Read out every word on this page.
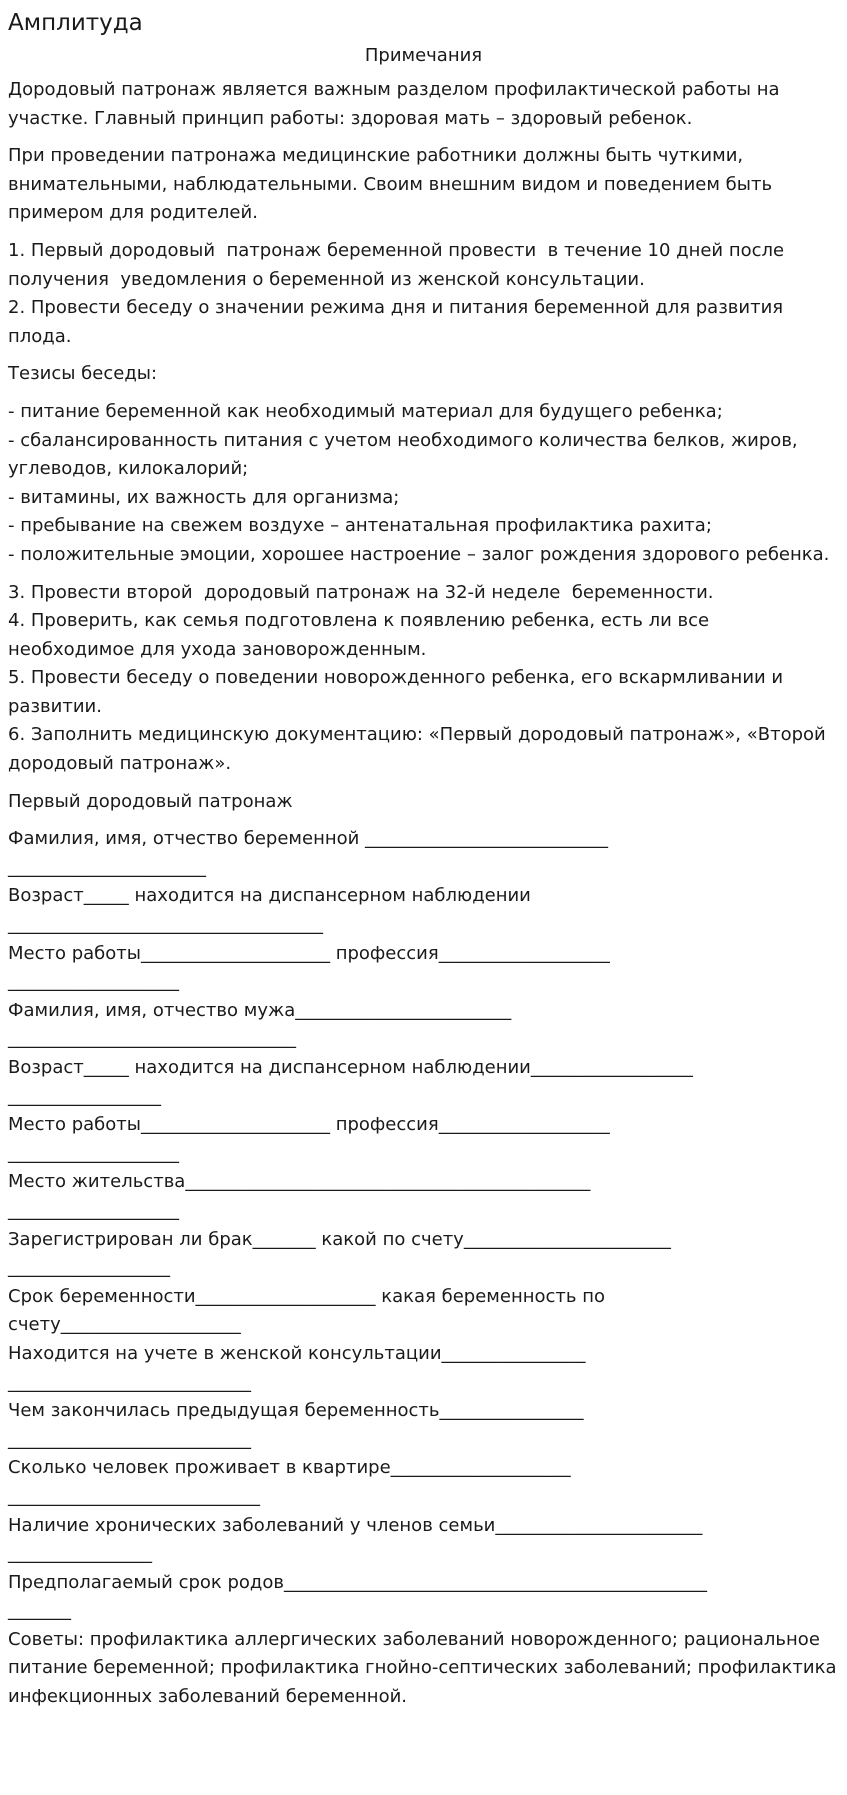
Амплитуда
Примечания

Дородовый патронаж является важным разделом профилактической работы на участке. Главный принцип работы: здоровая мать – здоровый ребенок.

При проведении патронажа медицинские работники должны быть чуткими, внимательными, наблюдательными. Своим внешним видом и поведением быть примером для родителей.

1. Первый дородовый  патронаж беременной провести  в течение 10 дней после получения  уведомления о беременной из женской консультации.
2. Провести беседу о значении режима дня и питания беременной для развития плода.

Тезисы беседы:

- питание беременной как необходимый материал для будущего ребенка;
- сбалансированность питания с учетом необходимого количества белков, жиров, углеводов, килокалорий;
- витамины, их важность для организма;
- пребывание на свежем воздухе – антенатальная профилактика рахита;
- положительные эмоции, хорошее настроение – залог рождения здорового ребенка.
3. Провести второй  дородовый патронаж на 32-й неделе  беременности.
4. Проверить, как семья подготовлена к появлению ребенка, есть ли все необходимое для ухода зановорожденным.
5. Провести беседу о поведении новорожденного ребенка, его вскармливании и развитии.
6. Заполнить медицинскую документацию: «Первый дородовый патронаж», «Второй дородовый патронаж».

Первый дородовый патронаж

Фамилия, имя, отчество беременной ___________________________
______________________
Возраст_____ находится на диспансерном наблюдении
___________________________________
Место работы_____________________ профессия___________________
___________________
Фамилия, имя, отчество мужа________________________
________________________________
Возраст_____ находится на диспансерном наблюдении__________________
_________________
Место работы_____________________ профессия___________________
___________________
Место жительства_____________________________________________
___________________
Зарегистрирован ли брак_______ какой по счету_______________________
__________________
Срок беременности____________________ какая беременность по
счету____________________
Находится на учете в женской консультации________________
___________________________
Чем закончилась предыдущая беременность________________
___________________________
Сколько человек проживает в квартире____________________
____________________________
Наличие хронических заболеваний у членов семьи_______________________
________________
Предполагаемый срок родов_______________________________________________
_______

Советы: профилактика аллергических заболеваний новорожденного; рациональное питание беременной; профилактика гнойно-септических заболеваний; профилактика инфекционных заболеваний беременной.
